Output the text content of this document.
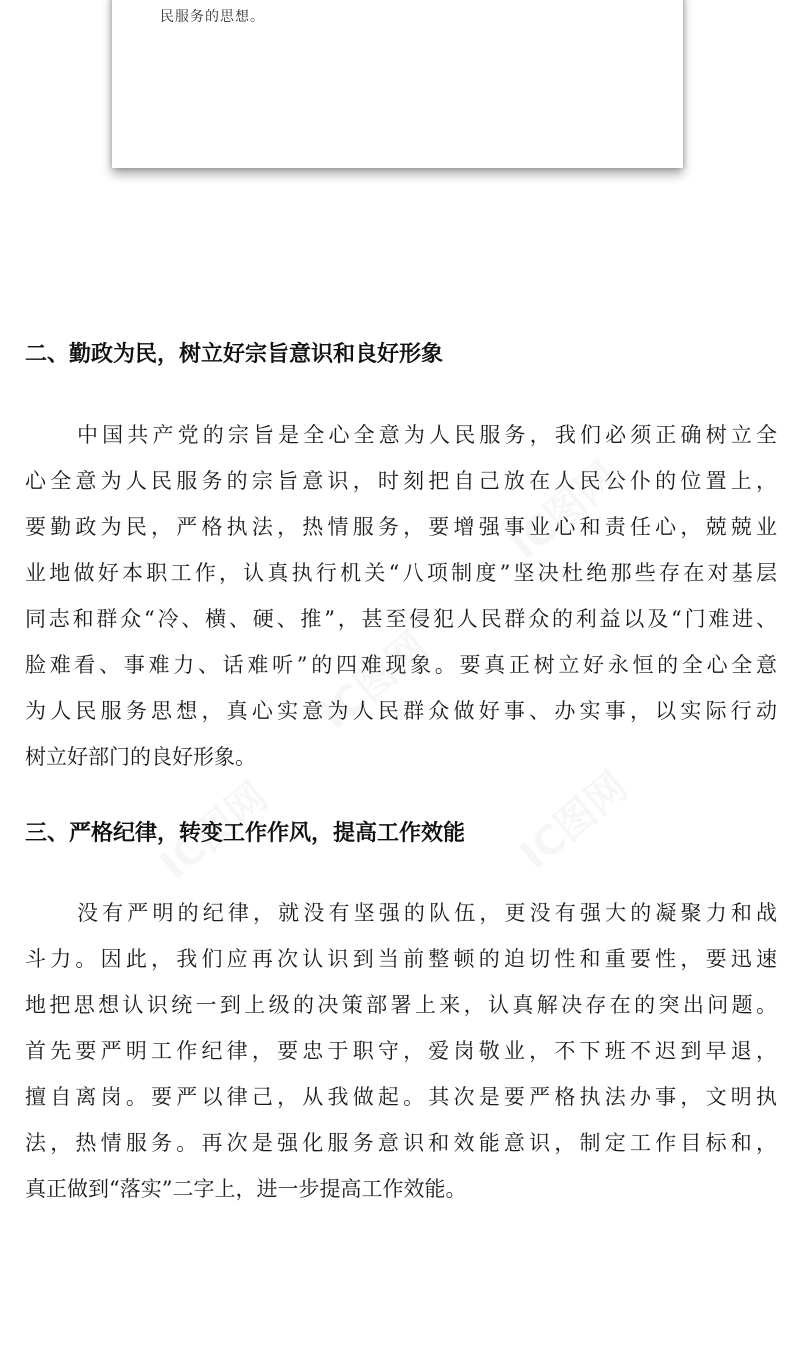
民服务的思想。
二、勤政为民，树立好宗旨意识和良好形象
中国共产党的宗旨是全心全意为人民服务，我们必须正确树立全
心全意为人民服务的宗旨意识，时刻把自己放在人民公仆的位置上，
要勤政为民，严格执法，热情服务，要增强事业心和责任心，兢兢业
业地做好本职工作，认真执行机关“八项制度”坚决杜绝那些存在对基层
同志和群众“冷、横、硬、推”，甚至侵犯人民群众的利益以及“门难进、
脸难看、事难力、话难听”的四难现象。要真正树立好永恒的全心全意
为人民服务思想，真心实意为人民群众做好事、办实事，以实际行动
树立好部门的良好形象。
三、严格纪律，转变工作作风，提高工作效能
没有严明的纪律，就没有坚强的队伍，更没有强大的凝聚力和战
斗力。因此，我们应再次认识到当前整顿的迫切性和重要性，要迅速
地把思想认识统一到上级的决策部署上来，认真解决存在的突出问题。
首先要严明工作纪律，要忠于职守，爱岗敬业，不下班不迟到早退，
擅自离岗。要严以律己，从我做起。其次是要严格执法办事，文明执
法，热情服务。再次是强化服务意识和效能意识，制定工作目标和，
真正做到“落实”二字上，进一步提高工作效能。
